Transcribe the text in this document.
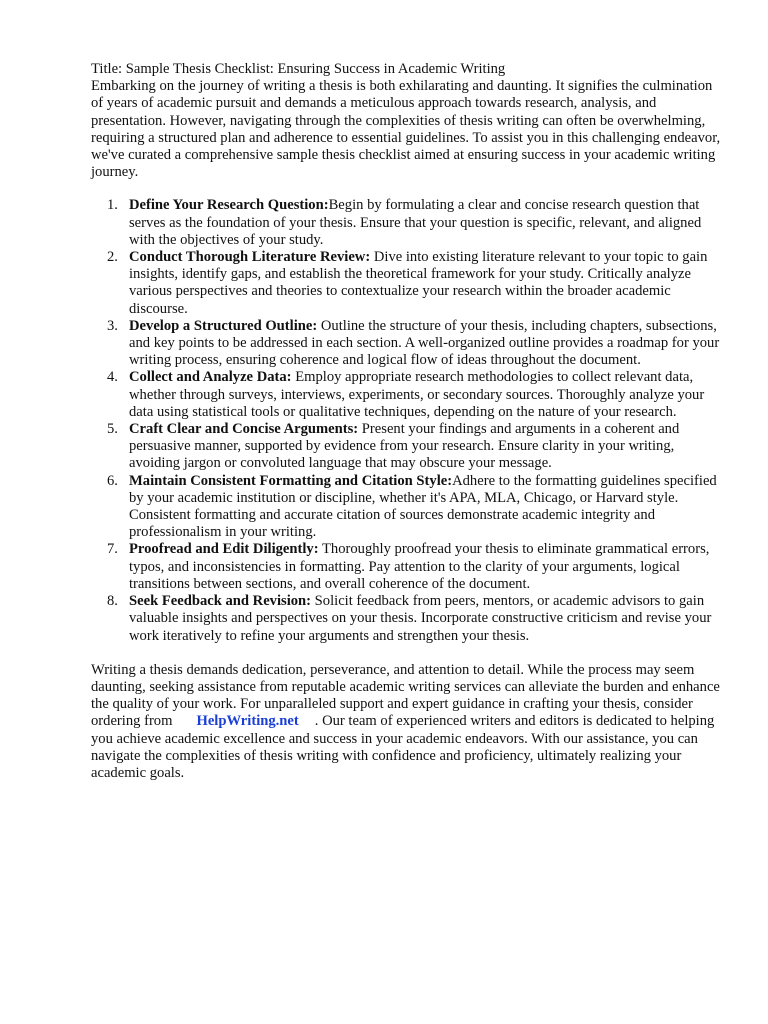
Title: Sample Thesis Checklist: Ensuring Success in Academic Writing

Embarking on the journey of writing a thesis is both exhilarating and daunting. It signifies the culmination of years of academic pursuit and demands a meticulous approach towards research, analysis, and presentation. However, navigating through the complexities of thesis writing can often be overwhelming, requiring a structured plan and adherence to essential guidelines. To assist you in this challenging endeavor, we've curated a comprehensive sample thesis checklist aimed at ensuring success in your academic writing journey.

1. Define Your Research Question:Begin by formulating a clear and concise research question that serves as the foundation of your thesis. Ensure that your question is specific, relevant, and aligned with the objectives of your study.
2. Conduct Thorough Literature Review: Dive into existing literature relevant to your topic to gain insights, identify gaps, and establish the theoretical framework for your study. Critically analyze various perspectives and theories to contextualize your research within the broader academic discourse.
3. Develop a Structured Outline: Outline the structure of your thesis, including chapters, subsections, and key points to be addressed in each section. A well-organized outline provides a roadmap for your writing process, ensuring coherence and logical flow of ideas throughout the document.
4. Collect and Analyze Data: Employ appropriate research methodologies to collect relevant data, whether through surveys, interviews, experiments, or secondary sources. Thoroughly analyze your data using statistical tools or qualitative techniques, depending on the nature of your research.
5. Craft Clear and Concise Arguments: Present your findings and arguments in a coherent and persuasive manner, supported by evidence from your research. Ensure clarity in your writing, avoiding jargon or convoluted language that may obscure your message.
6. Maintain Consistent Formatting and Citation Style:Adhere to the formatting guidelines specified by your academic institution or discipline, whether it's APA, MLA, Chicago, or Harvard style. Consistent formatting and accurate citation of sources demonstrate academic integrity and professionalism in your writing.
7. Proofread and Edit Diligently: Thoroughly proofread your thesis to eliminate grammatical errors, typos, and inconsistencies in formatting. Pay attention to the clarity of your arguments, logical transitions between sections, and overall coherence of the document.
8. Seek Feedback and Revision: Solicit feedback from peers, mentors, or academic advisors to gain valuable insights and perspectives on your thesis. Incorporate constructive criticism and revise your work iteratively to refine your arguments and strengthen your thesis.

Writing a thesis demands dedication, perseverance, and attention to detail. While the process may seem daunting, seeking assistance from reputable academic writing services can alleviate the burden and enhance the quality of your work. For unparalleled support and expert guidance in crafting your thesis, consider ordering from HelpWriting.net . Our team of experienced writers and editors is dedicated to helping you achieve academic excellence and success in your academic endeavors. With our assistance, you can navigate the complexities of thesis writing with confidence and proficiency, ultimately realizing your academic goals.
